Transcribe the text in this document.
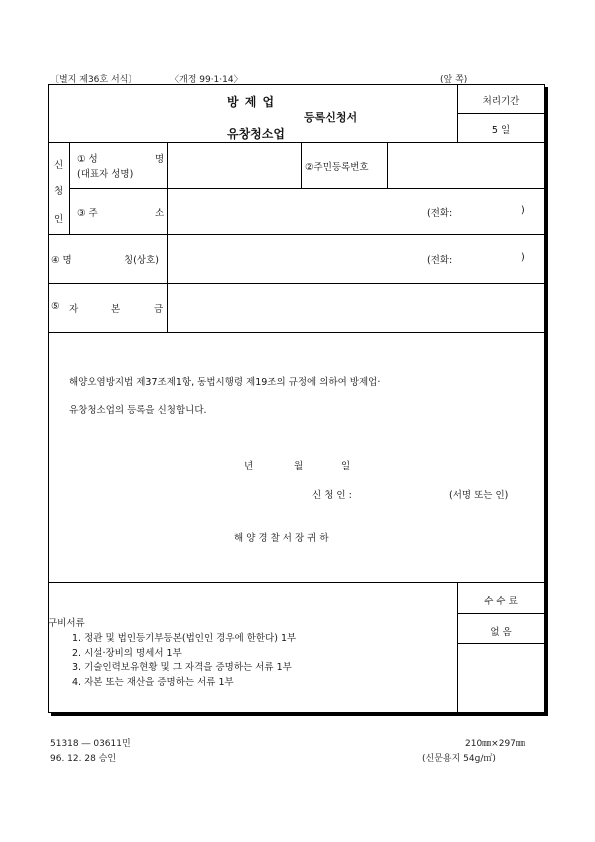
〔별지 제36호 서식〕	〈개정 99·1·14〉	(앞 쪽)
방 제 업
등록신청서
유창청소업
처리기간
5 일
신
청
인
① 성	명
(대표자 성명)
②주민등록번호
③ 주	소	(전화:	)
④ 명	칭(상호)	(전화:	)
⑤ 자	본	금
해양오염방지법 제37조제1항, 동법시행령 제19조의 규정에 의하여 방제업·
유창청소업의 등록을 신청합니다.
년	월	일
신 청 인 :	(서명 또는 인)
해 양 경 찰 서 장 귀 하
수 수 료
없 음
구비서류
1. 정관 및 법인등기부등본(법인인 경우에 한한다) 1부
2. 시설·장비의 명세서 1부
3. 기술인력보유현황 및 그 자격을 증명하는 서류 1부
4. 자본 또는 재산을 증명하는 서류 1부
51318 ― 03611민
96. 12. 28 승인
210㎜×297㎜
(신문용지 54g/㎡)
